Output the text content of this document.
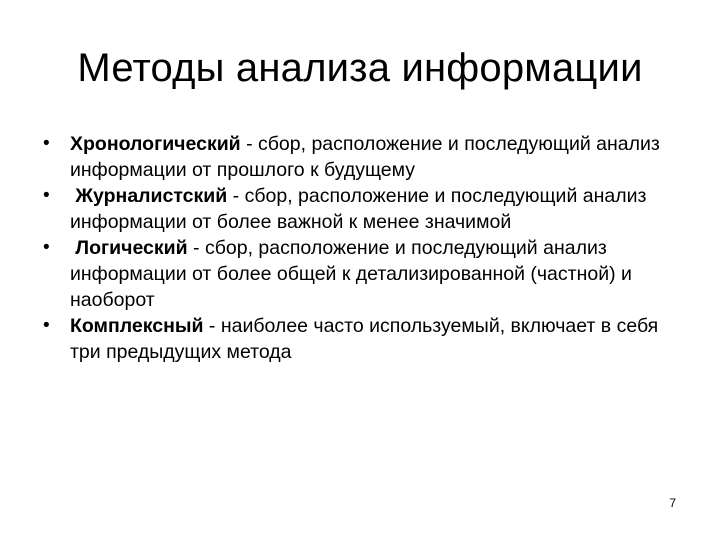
Методы анализа информации
• Хронологический - сбор, расположение и последующий анализ информации от прошлого к будущему
• Журналистский - сбор, расположение и последующий анализ информации от более важной к менее значимой
• Логический - сбор, расположение и последующий анализ информации от более общей к детализированной (частной) и наоборот
• Комплексный - наиболее часто используемый, включает в себя три предыдущих метода
7
